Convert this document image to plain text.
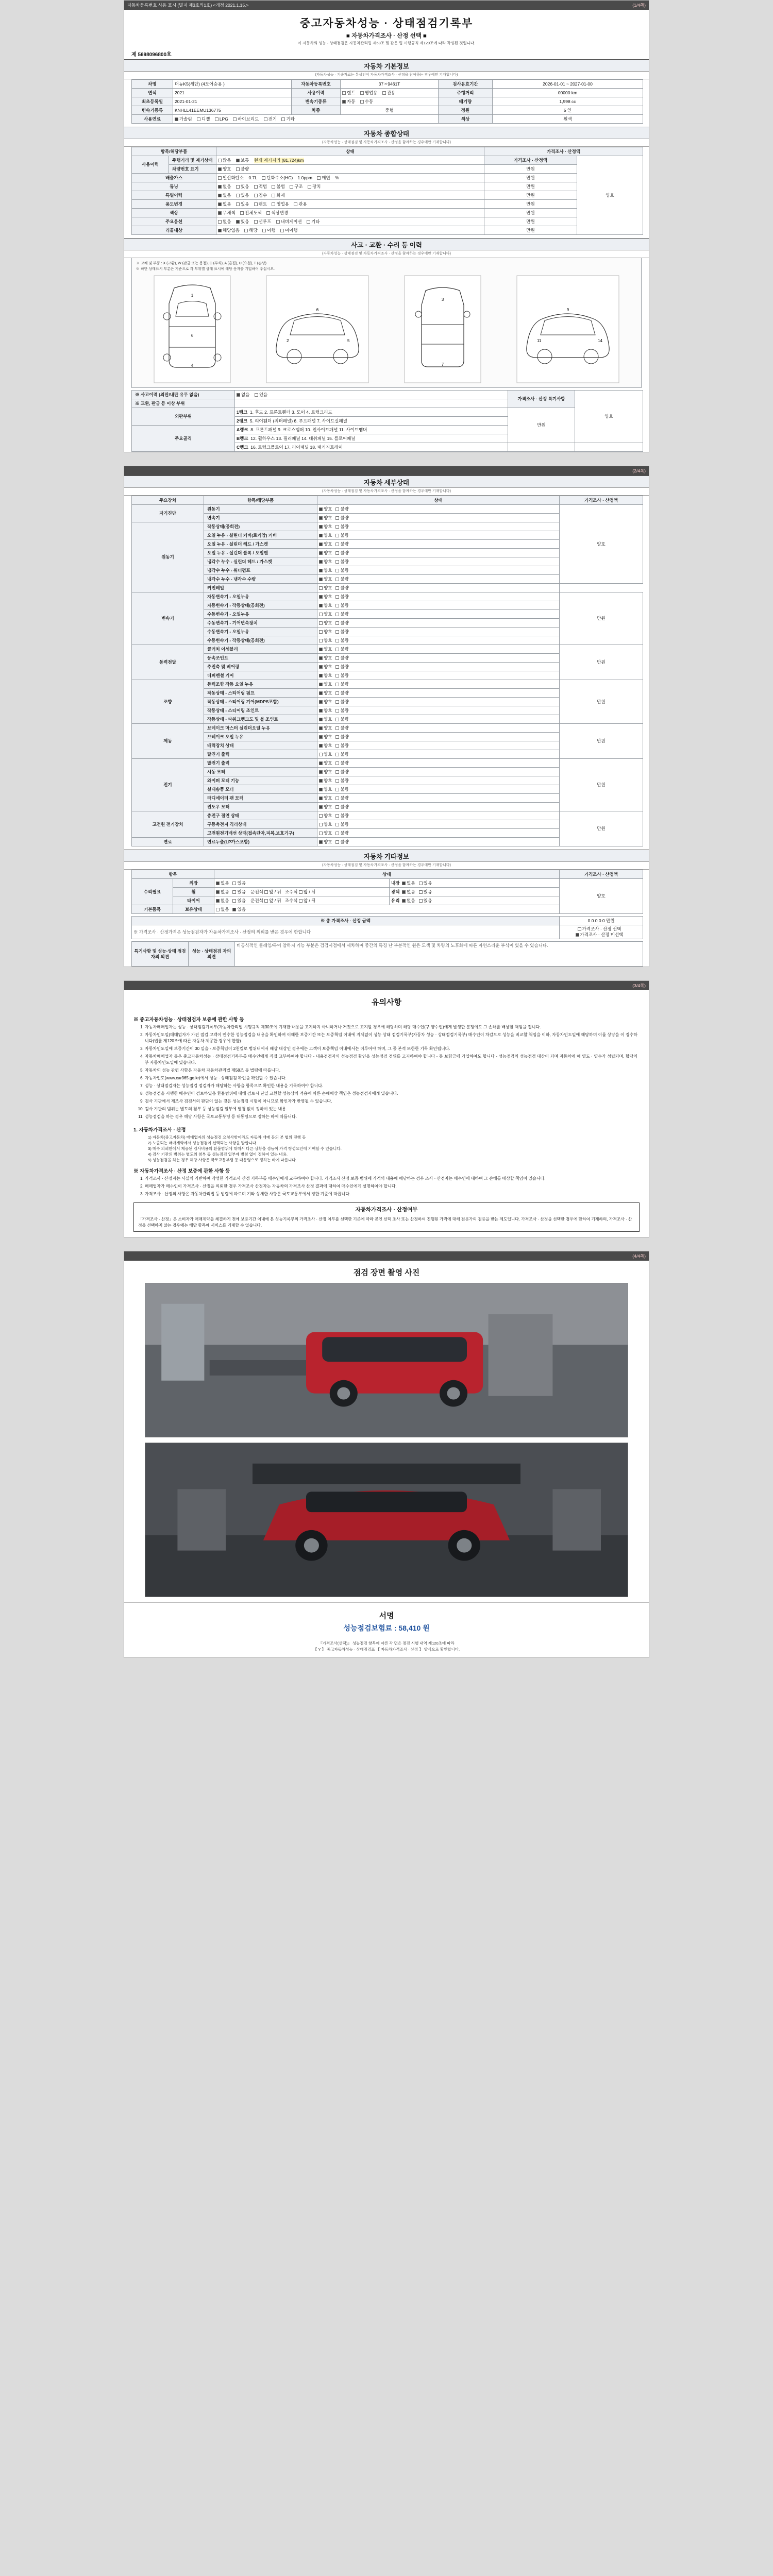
자동차등록번호 사용 표시 (별지 제3호의1호) <개정 2021.1.15.>	(1/4쪽)
중고자동차성능 · 상태점검기록부
■ 자동차가격조사 · 산정 선택 ■
이 자동차의 성능 · 상태점검은 자동차관리법 제58조 및 같은 법 시행규칙 제120조에 따라 작성된 것입니다.
제 5698096800호
자동차 기본정보
(자동차성능 · 기술자료는 통상인이 자동차가격조사 · 산정을 참여하는 경우에만 기재합니다)
차명	더뉴K5(세단) (4도어승용 )	자동차등록번호	37ㅈ9461T	검사유효기간	2026-01-01 ~ 2027-01-00
연식	2021	사용이력	렌트 영업용 관용	주행거리	00000 km
최초등록일	2021-01-21	변속기종류	자동 수동	배기량	1,998 cc
변속기종류	KNHLL41EEMU136775	차종	중형	정원	5 인
사용연료	가솔린 디젤 LPG 하이브리드 전기 기타			색상	흰색
자동차 종합상태
(자동차성능 · 상태점검 및 자동차가격조사 · 산정을 함께하는 경우에만 기재합니다)
항목/해당부품		상태	가격조사 · 산정액	
사용이력	주행거리 및 계기상태	많음 보통 현재 계기저리 (81,724)km	가격조사 · 산정액	양호
	차량번호 표기	양호 불량	만원	
배출가스		일산화탄소 0.7L 탄화수소(HC) 1.0ppm 매연 %	만원	
튜닝		없음 있음 적법 불법 구조 장치	만원	
특별이력		없음 있음 침수 화재	만원	
용도변경		없음 있음 렌트 영업용 관용	만원	
색상		무채색 전체도색 색상변경	만원	
주요옵션		없음 있음 선루프 내비게이션 기타	만원	
리콜대상		해당없음 해당 이행 미이행	만원	
사고 · 교환 · 수리 등 이력
(자동차성능 · 상태점검 및 자동차가격조사 · 산정을 함께하는 경우에만 기재합니다)
※ 교체 및 부품 : X (교환), W (판금 또는 용접), C (부식), A (흠집), U (요철), T (손상)
※ 하단 상태표시 부분은 기준으로 각 부위별 상태 표시에 해당 문자를 기입하여 주십시오.
1
6
4
6
2	5
3
7
9
11	14
※ 사고이력 (외판/내판 유무 없음)	없음 있음	가격조사 · 산정 특기사항	양호
※ 교환, 판금 등 이상 부위			
외판부위	1랭크 1. 후드 2. 프론트휀더 3. 도어 4. 트렁크리드	만원	
	2랭크 5. 리어휀더 (쿼터패널) 6. 루프패널 7. 사이드실패널		
주요골격	A랭크 8. 프론트패널 9. 크로스멤버 10. 인사이드패널 11. 사이드멤버		
	B랭크 12. 휠하우스 13. 필러패널 14. 대쉬패널 15. 플로어패널		
	C랭크 16. 트렁크플로어 17. 리어패널 18. 패키지트레이		

(2/4쪽)
자동차 세부상태
(자동차성능 · 상태점검 및 자동차가격조사 · 산정을 함께하는 경우에만 기재합니다)
주요장치	항목/해당부품	상태	가격조사 · 산정액
자기진단	원동기	양호 불량	양호
	변속기	양호 불량	
원동기	작동상태(공회전)	양호 불량	
	오일 누유 - 실린더 커버(로커암) 커버	양호 불량	
	오일 누유 - 실린더 헤드 / 가스켓	양호 불량	
	오일 누유 - 실린더 블록 / 오일팬	양호 불량	
	냉각수 누수 - 실린더 헤드 / 가스켓	양호 불량	
	냉각수 누수 - 워터펌프	양호 불량	
	냉각수 누수 - 냉각수 수량	양호 불량	
	커먼레일	양호 불량	
변속기	자동변속기 - 오일누유	양호 불량	만원
	자동변속기 - 작동상태(공회전)	양호 불량	
	수동변속기 - 오일누유	양호 불량	
	수동변속기 - 기어변속장치	양호 불량	
	수동변속기 - 오일누유	양호 불량	
	수동변속기 - 작동상태(공회전)	양호 불량	
동력전달	클러치 어셈블리	양호 불량	만원
	등속조인트	양호 불량	
	추진축 및 베어링	양호 불량	
	디퍼렌셜 기어	양호 불량	
조향	동력조향 작동 오일 누유	양호 불량	만원
	작동상태 - 스티어링 펌프	양호 불량	
	작동상태 - 스티어링 기어(MDPS포함)	양호 불량	
	작동상태 - 스티어링 조인트	양호 불량	
	작동상태 - 파워크랭크도 및 볼 조인트	양호 불량	
제동	브레이크 마스터 실린더오일 누유	양호 불량	만원
	브레이크 오일 누유	양호 불량	
	배력장치 상태	양호 불량	
	탈진기 출력	양호 불량	
전기	발전기 출력	양호 불량	만원
	시동 모터	양호 불량	
	와이퍼 모터 기능	양호 불량	
	실내송풍 모터	양호 불량	
	라디에이터 팬 모터	양호 불량	
	윈도우 모터	양호 불량	
고전원 전기장치	충전구 절연 상태	양호 불량	만원
	구동축전지 격리상태	양호 불량	
	고전원전기배선 상태(접속단자,피복,보호기구)	양호 불량	
연료	연료누출(LP가스포함)	양호 불량	
자동차 기타정보
(자동차성능 · 상태점검 및 자동차가격조사 · 산정을 함께하는 경우에만 기재합니다)
항목		상태		가격조사 · 산정액
수리필요	외장	없음 있음	내장 없음 있음	양호
	휠	없음 있음 운전석 앞 / 뒤   조수석 앞 / 뒤	광택 없음 있음	
	타이어	없음 있음 운전석 앞 / 뒤   조수석 앞 / 뒤	유리 없음 있음	
기본품목	보유상태	없음 있음		
※ 총 가격조사 · 산정 금액	0 0 0 0 0 만원
※ 가격조사 · 산정가격은 성능점검자가 자동차가격조사 · 산정의 의뢰를 받은 경우에 한합니다	가격조사 · 산정 선택 가격조사 · 산정 미선택
특기사항 및 성능·상태 점검자의 의견	성능 · 상태점검 자의 의견	비공식적인 클레임/특이 참하지 기능 부분은 검검시점에서 세차하여 중간의 특징 난 부분적인 원은 도색 및 차량의 노후화에 따른 자연스러운 부식이 있을 수 있습니다.

(3/4쪽)
유의사항
※ 중고자동차성능 · 상태점검자 보증에 관한 사항 등
1. 자동차매매업자는 성능 · 상태점검기록부(자동차관리법 시행규칙 제30조에 기재한 내용을 고지하지 아니하거나 거짓으로 고지할 경우에 해당하며 해당 매수인(구 양수인)에게 발생한 분쟁에도 그 손해를 배상할 책임을 집니다.
2. 자동차인도일(매매업자가 가진 점검 고객이 인수한 성능점검을 내용을 확인하여 이해한 보증기간 또는 보증책임 이내에 지체없이 성능 상태 점검기록부(자동차 성능 · 상태점검기록부) 매수인이 차감으로 성능을 비교할 책임을 이하, 자동차인도일에 해당하며 이를 상당을 이 징수하니다(법률 제120조에 따른 자동차 제공한 경우에 한함).
3. 자동차인도일에 보증기간이 30 일을 - 보증책임이 2천킬로 범위내에서 배상 대상인 경우에는 고객이 보증책임 이내에서는 이루어야 하며, 그 중 본적 또한한 기록 확인됩니다.
4. 자동차매매업자 등은 중고자동차성능 · 상태점검기록부를 매수인에게 직접 교부하여야 합니다 - 내용검검자의 성능점검 확인을 성능점검 경위를 고지하여야 합니다 - 등 보험금에 가입하여도 합니다 - 성능점검의 성능점검 대상이 되며 자동차에 해 양도 · 양수가 성립되며, 합당의 부 자동차인도일에 있습니다.
5. 자동차의 성능 관련 사항은 자동차 자동차관리법 제58조 등 법령에 따릅니다.
6. 자동차인도(www.car365.go.kr)에서 성능 · 상태점검 확인을 확인할 수 있습니다.
7. 성능 · 상태점검자는 성능점검 점검자가 해당하는 사항을 항목으로 확인한 내용을 기록하여야 합니다.
8. 성능점검을 시행한 매수인이 검토하였음 환불범위에 대해 검토시 단일 교환할 성능상의 적용에 따른 손해배상 책임은 성능점검자에게 있습니다.
9. 검사 기관에서 제조사 검검서의 판단이 없는 것은 성능점검 시험이 아니므로 확인자가 반영될 수 있습니다.
10. 검사 기관의 범위는 별도의 첨부 등 성능점검 일부에 별첨 없이 정하여 있는 내용.
11. 성능점검을 하는 경우 해당 사항은 국토교통부령 등 대통령으로 정하는 바에 따릅니다.
1. 자동차가격조사 · 산정
1) 자동차(중고자동차) 매매업자의 성능점검 요청사항이라도 자동차 매매 등의 본 협의 진행 등
2) 노출되는 매매계약에서 성능점검이 선택되는 사항을 말합니다.
3) 매수 의뢰한에서 제공된 검사비용의 환불범위에 대해서 다른 상황을 성능이 가격 형성요인에 기여할 수 있습니다.
4) 검사 기관의 범위는 별도의 첨부 등 성능점검 일부에 별첨 없이 정하여 있는 내용.
5) 성능점검을 하는 경우 해당 사항은 국토교통부령 등 대통령으로 정하는 바에 따릅니다.
※ 자동차가격조사 · 산정 보증에 관한 사항 등
1. 가격조사 · 산정자는 사실의 기반하여 작성한 가격조사 산정 기록부를 매수인에게 교부하여야 합니다. 가격조사 산정 보증 범위에 가격의 내용에 해당하는 경우 조사 · 산정자는 매수인에 대하여 그 손해를 배상할 책임이 있습니다.
2. 매매업자가 매수인이 가격조사 · 산정을 의뢰한 경우 가격조사 산정자는 자동차의 가격조사 산정 결과에 대하여 매수인에게 설명하여야 합니다.
3. 가격조사 · 산정의 사항은 자동차관리법 등 법령에 따르며 기타 상세한 사항은 국토교통부에서 정한 기준에 따릅니다.
자동차가격조사 · 산정여부
「가격조사 · 산정」은 소비자가 매매계약을 체결하기 전에 보증기간 이내에 본 성능기록부의 가격조사 · 산정 여부를 선택한 기준에 따라 본인 선택 조사 또는 산정하여 진행된 가격에 대해 전문가의 검증을 받는 제도입니다. 가격조사 · 산정을 선택한 경우에 한하여 기재하며, 가격조사 · 산정을 선택하지 않는 경우에는 해당 항목에 서비스를 기재할 수 없습니다.

(4/4쪽)
점검 장면 촬영 사진
서명
성능점검보험료 : 58,410 원
『가격조사(선택)』 성능점검 항목에 따른 각 면은 점검 시행 내역 제120조에 따라
【 Y 】 중고자동차성능 · 상태점검표 【 자동차가격조사 · 산정 】 양식으로 확인합니다.
